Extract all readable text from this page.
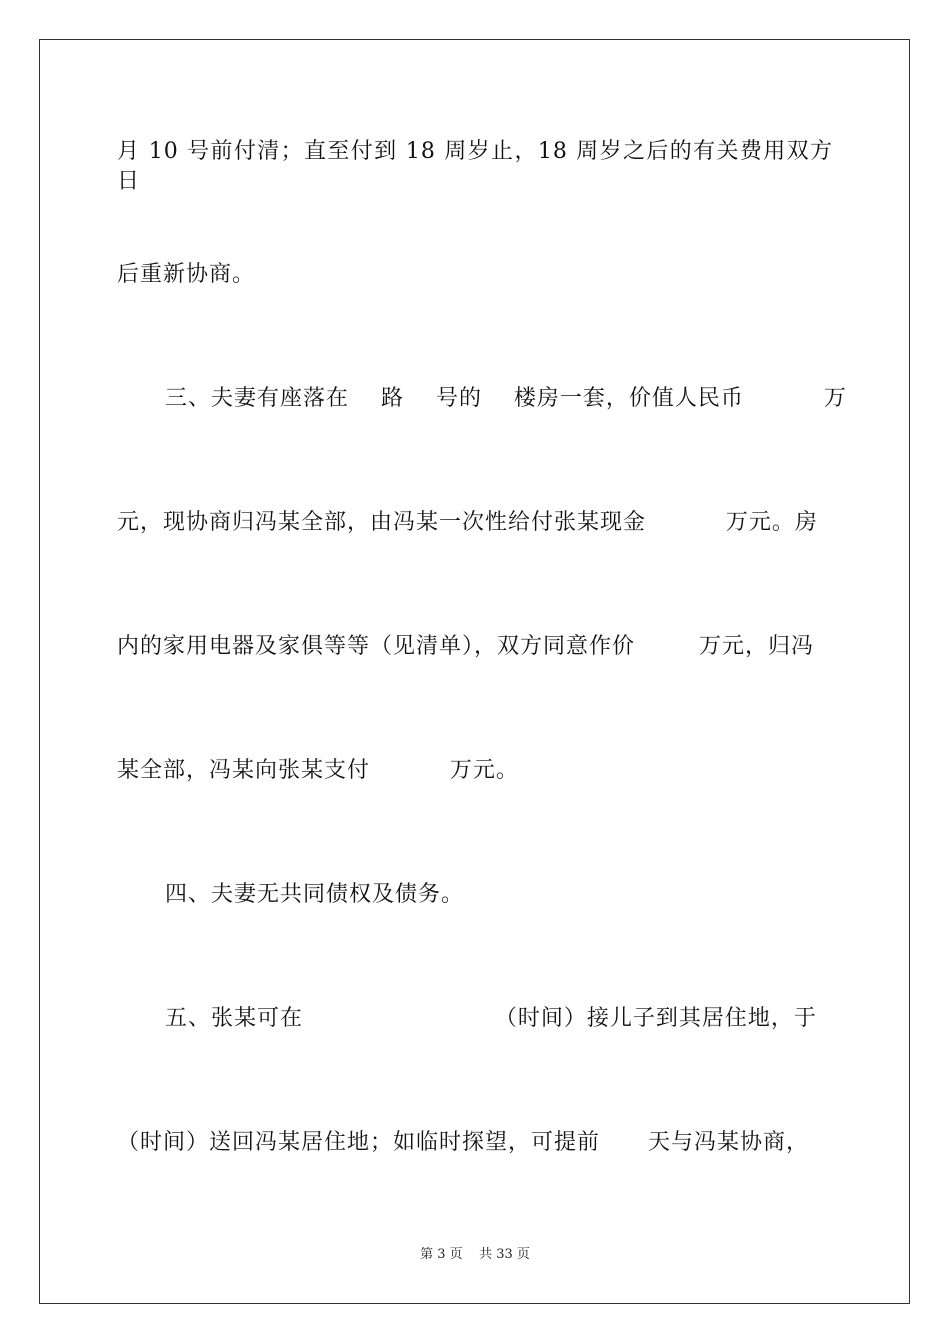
月 10 号前付清；直至付到 18 周岁止，18 周岁之后的有关费用双方日
后重新协商。
三、夫妻有座落在    路    号的    楼房一套，价值人民币          万
元，现协商归冯某全部，由冯某一次性给付张某现金          万元。房
内的家用电器及家俱等等（见清单），双方同意作价        万元，归冯
某全部，冯某向张某支付          万元。
四、夫妻无共同债权及债务。
五、张某可在                        （时间）接儿子到其居住地，于
（时间）送回冯某居住地；如临时探望，可提前      天与冯某协商，
第 3 页    共 33 页
